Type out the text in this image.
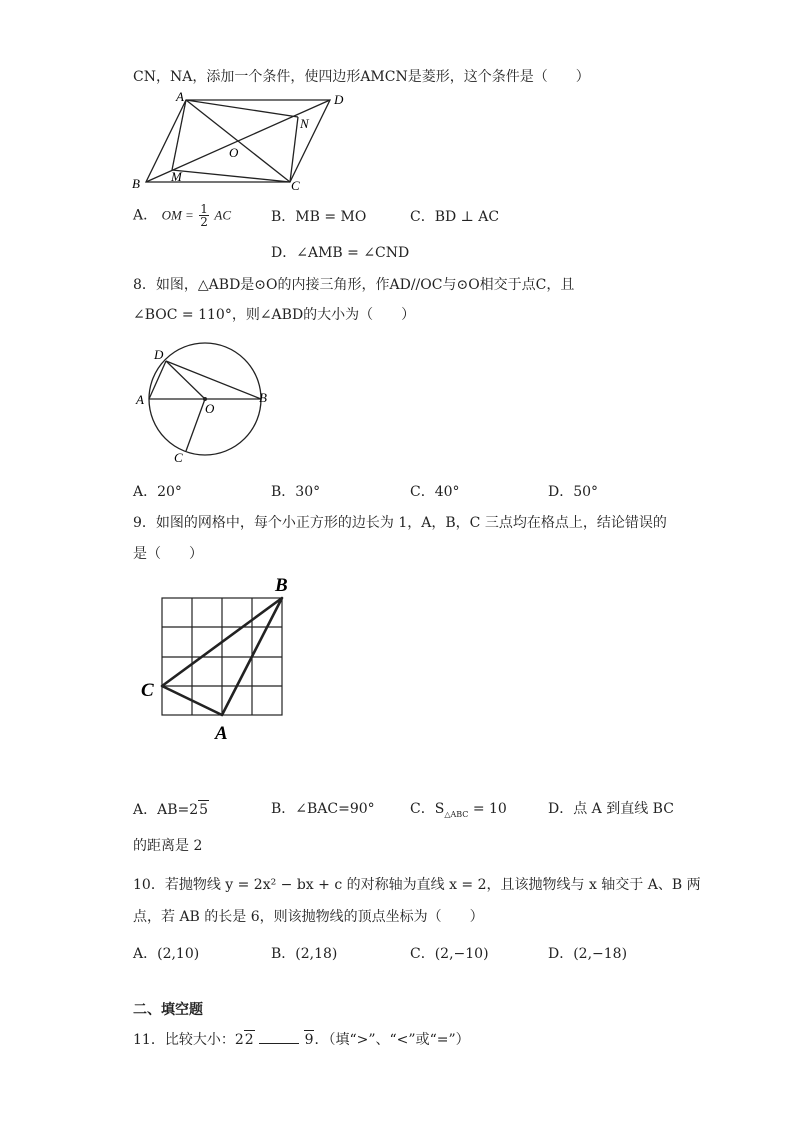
CN，NA，添加一个条件，使四边形AMCN是菱形，这个条件是（　　）
A	D
N
O
M
B	C
A． OM = $\frac{1}{2}$ AC	B．MB = MO	C．BD ⊥ AC
D．∠AMB = ∠CND
8．如图，△ABD是⊙O的内接三角形，作AD//OC与⊙O相交于点C，且
∠BOC = 110°，则∠ABD的大小为（　　）
D
A
O
B
C
A．20°	B．30°	C．40°	D．50°
9．如图的网格中，每个小正方形的边长为 1，A，B，C 三点均在格点上，结论错误的
是（　　）
B
C
A
A．AB=25	B．∠BAC=90°	C．$S_{\triangle ABC} = 10$	D．点 A 到直线 BC
的距离是 2
10．若抛物线 y = 2x² − bx + c 的对称轴为直线 x = 2，且该抛物线与 x 轴交于 A、B 两
点，若 AB 的长是 6，则该抛物线的顶点坐标为（　　）
A．(2,10)	B．(2,18)	C．(2,−10)	D．(2,−18)
二、填空题
11．比较大小：22	9．（填“>”、“<”或“=”）
